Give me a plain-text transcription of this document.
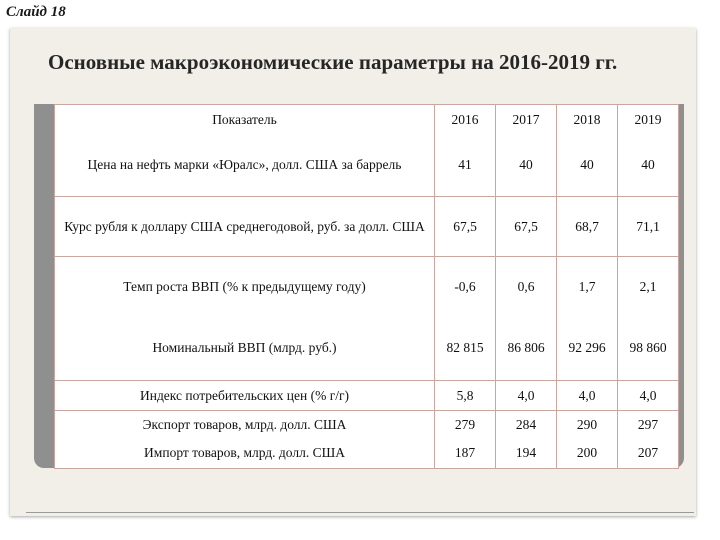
Слайд 18
Основные макроэкономические параметры на 2016-2019 гг.
Показатель	2016	2017	2018	2019
Цена на нефть марки «Юралс», долл. США за баррель	41	40	40	40
Курс рубля к доллару США среднегодовой, руб. за долл. США	67,5	67,5	68,7	71,1
Темп роста ВВП (% к предыдущему году)	-0,6	0,6	1,7	2,1
Номинальный ВВП (млрд. руб.)	82 815	86 806	92 296	98 860
Индекс потребительских цен (% г/г)	5,8	4,0	4,0	4,0
Экспорт товаров, млрд. долл. США	279	284	290	297
Импорт товаров, млрд. долл. США	187	194	200	207
